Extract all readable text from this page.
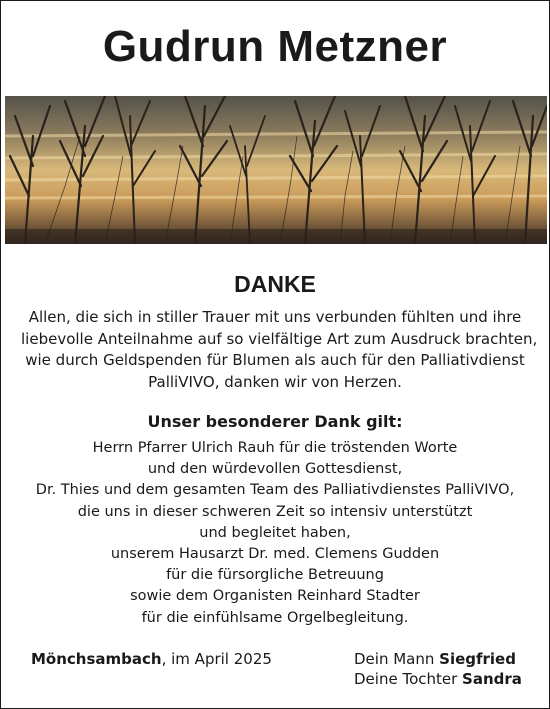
Gudrun Metzner
DANKE
Allen, die sich in stiller Trauer mit uns verbunden fühlten und ihre
liebevolle Anteilnahme auf so vielfältige Art zum Ausdruck brachten,
wie durch Geldspenden für Blumen als auch für den Palliativdienst
PalliVIVO, danken wir von Herzen.
Unser besonderer Dank gilt:
Herrn Pfarrer Ulrich Rauh für die tröstenden Worte
und den würdevollen Gottesdienst,
Dr. Thies und dem gesamten Team des Palliativdienstes PalliVIVO,
die uns in dieser schweren Zeit so intensiv unterstützt
und begleitet haben,
unserem Hausarzt Dr. med. Clemens Gudden
für die fürsorgliche Betreuung
sowie dem Organisten Reinhard Stadter
für die einfühlsame Orgelbegleitung.
Mönchsambach, im April 2025	Dein Mann Siegfried
Deine Tochter Sandra
